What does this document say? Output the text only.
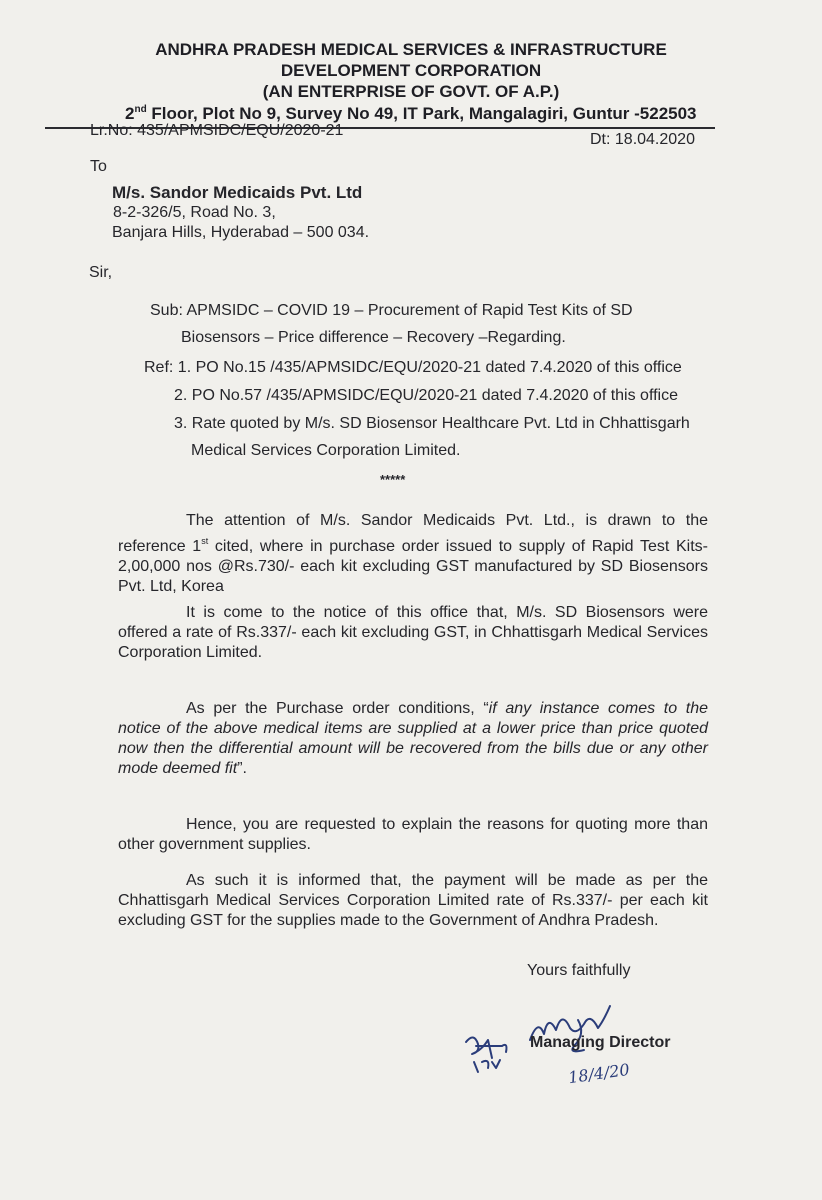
ANDHRA PRADESH MEDICAL SERVICES & INFRASTRUCTURE
DEVELOPMENT CORPORATION
(AN ENTERPRISE OF GOVT. OF A.P.)
2nd Floor, Plot No 9, Survey No 49, IT Park, Mangalagiri, Guntur -522503
Lr.No: 435/APMSIDC/EQU/2020-21
Dt: 18.04.2020
To
M/s. Sandor Medicaids Pvt. Ltd
8-2-326/5, Road No. 3,
Banjara Hills, Hyderabad – 500 034.
Sir,
Sub: APMSIDC – COVID 19 – Procurement of Rapid Test Kits of SD
Biosensors – Price difference – Recovery –Regarding.
Ref: 1. PO No.15 /435/APMSIDC/EQU/2020-21 dated 7.4.2020 of this office
2. PO No.57 /435/APMSIDC/EQU/2020-21 dated 7.4.2020 of this office
3. Rate quoted by M/s. SD Biosensor Healthcare Pvt. Ltd in Chhattisgarh
Medical Services Corporation Limited.
*****
The attention of M/s. Sandor Medicaids Pvt. Ltd., is drawn to the reference 1st cited, where in purchase order issued to supply of Rapid Test Kits- 2,00,000 nos @Rs.730/- each kit excluding GST manufactured by SD Biosensors Pvt. Ltd, Korea
It is come to the notice of this office that, M/s. SD Biosensors were offered a rate of Rs.337/- each kit excluding GST, in Chhattisgarh Medical Services Corporation Limited.
As per the Purchase order conditions, “if any instance comes to the notice of the above medical items are supplied at a lower price than price quoted now then the differential amount will be recovered from the bills due or any other mode deemed fit”.
Hence, you are requested to explain the reasons for quoting more than other government supplies.
As such it is informed that, the payment will be made as per the Chhattisgarh Medical Services Corporation Limited rate of Rs.337/- per each kit excluding GST for the supplies made to the Government of Andhra Pradesh.
Yours faithfully
18/4/20
Managing Director
